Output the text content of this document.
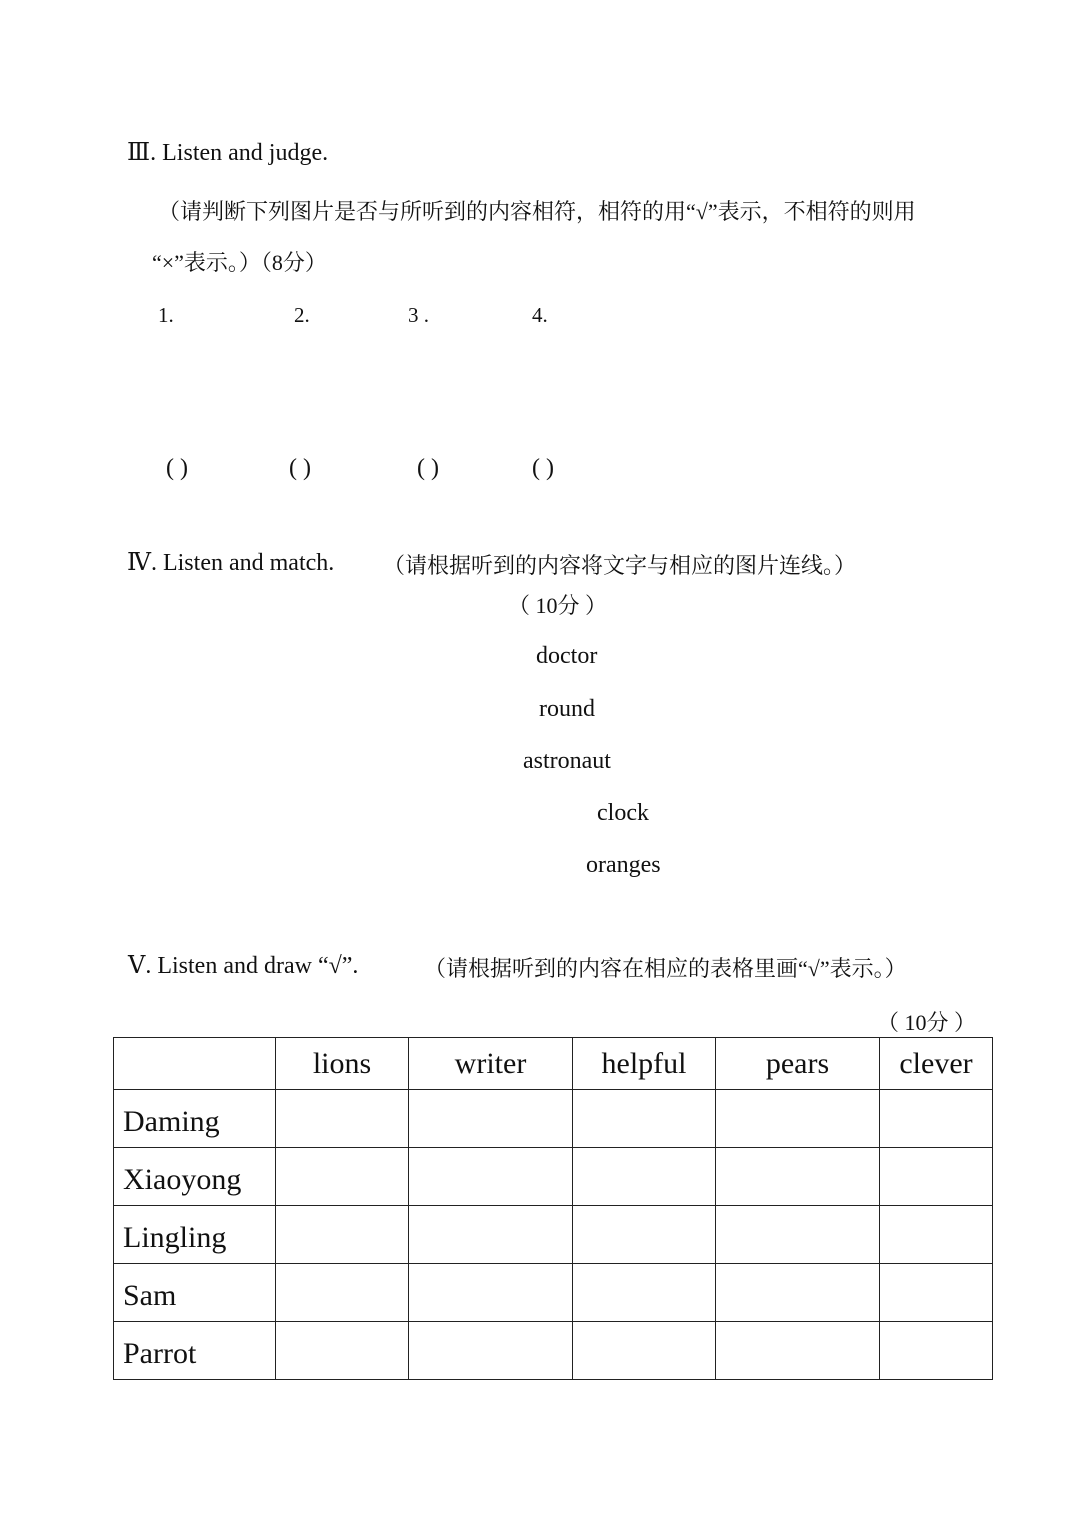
Ⅲ. Listen and judge.
（请判断下列图片是否与所听到的内容相符，相符的用“√”表示，不相符的则用
“×”表示。）（8分）
1.	2.	3 .	4.
( )	( )	( )	( )
Ⅳ. Listen and match. （请根据听到的内容将文字与相应的图片连线。）
（ 10分 ）
doctor
round
astronaut
clock
oranges
Ⅴ. Listen and draw “√”.	（请根据听到的内容在相应的表格里画“√”表示。）
（ 10分 ）
	lions	writer	helpful	pears	clever
Daming					
Xiaoyong					
Lingling					
Sam					
Parrot					
